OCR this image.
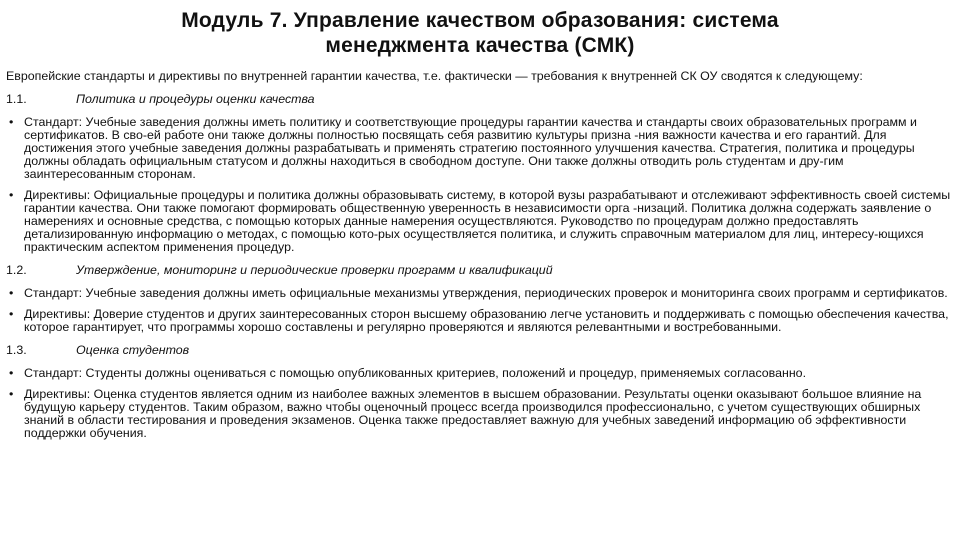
Модуль 7. Управление качеством образования: система
менеджмента качества (СМК)

Европейские стандарты и директивы по внутренней гарантии качества, т.е. фактически — требования к внутренней СК ОУ сводятся к следующему:

1.1.	Политика и процедуры оценки качества
• Стандарт: Учебные заведения должны иметь политику и соответствующие процедуры гарантии качества и стандарты своих образовательных программ и сертификатов. В сво-ей работе они также должны полностью посвящать себя развитию культуры призна -ния важности качества и его гарантий. Для достижения этого учебные заведения должны разрабатывать и применять стратегию постоянного улучшения качества. Стратегия, политика и процедуры должны обладать официальным статусом и должны находиться в свободном доступе. Они также должны отводить роль студентам и дру-гим заинтересованным сторонам.
• Директивы: Официальные процедуры и политика должны образовывать систему, в которой вузы разрабатывают и отслеживают эффективность своей системы гарантии качества. Они также помогают формировать общественную уверенность в независимости орга -низаций. Политика должна содержать заявление о намерениях и основные средства, с помощью которых данные намерения осуществляются. Руководство по процедурам должно предоставлять детализированную информацию о методах, с помощью кото-рых осуществляется политика, и служить справочным материалом для лиц, интересу-ющихся практическим аспектом применения процедур.
1.2.	Утверждение, мониторинг и периодические проверки программ и квалификаций
• Стандарт: Учебные заведения должны иметь официальные механизмы утверждения, периодических проверок и мониторинга своих программ и сертификатов.
• Директивы: Доверие студентов и других заинтересованных сторон высшему образованию легче установить и поддерживать с помощью обеспечения качества, которое гарантирует, что программы хорошо составлены и регулярно проверяются и являются релевантными и востребованными.
1.3.	Оценка студентов
• Стандарт: Студенты должны оцениваться с помощью опубликованных критериев, положений и процедур, применяемых согласованно.
• Директивы: Оценка студентов является одним из наиболее важных элементов в высшем образовании. Результаты оценки оказывают большое влияние на будущую карьеру студентов. Таким образом, важно чтобы оценочный процесс всегда производился профессионально, с учетом существующих обширных знаний в области тестирования и проведения экзаменов. Оценка также предоставляет важную для учебных заведений информацию об эффективности поддержки обучения.
